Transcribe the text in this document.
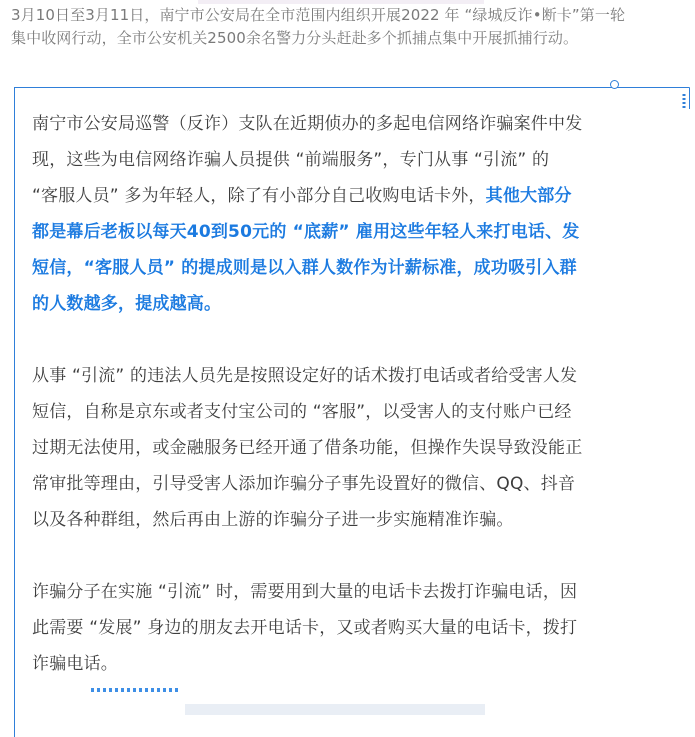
3月10日至3月11日，南宁市公安局在全市范围内组织开展2022 年 “绿城反诈•断卡”第一轮
集中收网行动，全市公安机关2500余名警力分头赶赴多个抓捕点集中开展抓捕行动。

南宁市公安局巡警（反诈）支队在近期侦办的多起电信网络诈骗案件中发
现，这些为电信网络诈骗人员提供 “前端服务”，专门从事 “引流” 的
“客服人员” 多为年轻人，除了有小部分自己收购电话卡外，其他大部分
都是幕后老板以每天40到50元的 “底薪” 雇用这些年轻人来打电话、发
短信，“客服人员” 的提成则是以入群人数作为计薪标准，成功吸引入群
的人数越多，提成越高。

从事 “引流” 的违法人员先是按照设定好的话术拨打电话或者给受害人发
短信，自称是京东或者支付宝公司的 “客服”，以受害人的支付账户已经
过期无法使用，或金融服务已经开通了借条功能，但操作失误导致没能正
常审批等理由，引导受害人添加诈骗分子事先设置好的微信、QQ、抖音
以及各种群组，然后再由上游的诈骗分子进一步实施精准诈骗。

诈骗分子在实施 “引流” 时，需要用到大量的电话卡去拨打诈骗电话，因
此需要 “发展” 身边的朋友去开电话卡，又或者购买大量的电话卡，拨打
诈骗电话。
